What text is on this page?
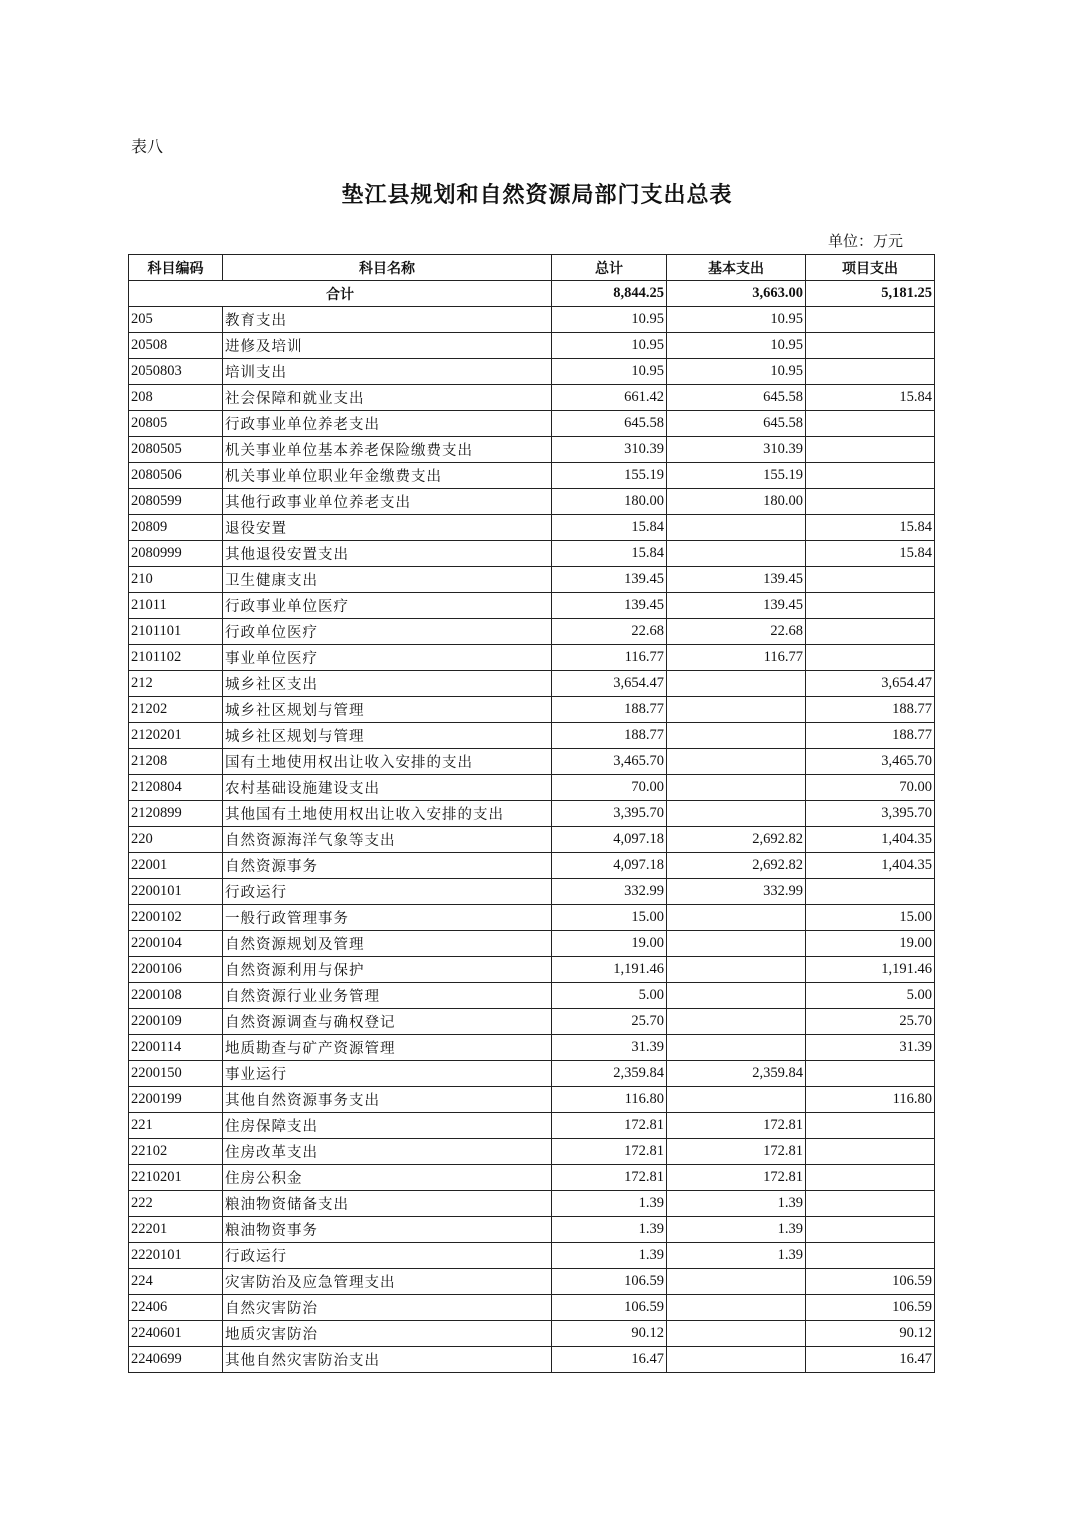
表八
垫江县规划和自然资源局部门支出总表
单位：万元
科目编码	科目名称	总计	基本支出	项目支出
合计		8,844.25	3,663.00	5,181.25
205	教育支出	10.95	10.95	
20508	进修及培训	10.95	10.95	
2050803	培训支出	10.95	10.95	
208	社会保障和就业支出	661.42	645.58	15.84
20805	行政事业单位养老支出	645.58	645.58	
2080505	机关事业单位基本养老保险缴费支出	310.39	310.39	
2080506	机关事业单位职业年金缴费支出	155.19	155.19	
2080599	其他行政事业单位养老支出	180.00	180.00	
20809	退役安置	15.84		15.84
2080999	其他退役安置支出	15.84		15.84
210	卫生健康支出	139.45	139.45	
21011	行政事业单位医疗	139.45	139.45	
2101101	行政单位医疗	22.68	22.68	
2101102	事业单位医疗	116.77	116.77	
212	城乡社区支出	3,654.47		3,654.47
21202	城乡社区规划与管理	188.77		188.77
2120201	城乡社区规划与管理	188.77		188.77
21208	国有土地使用权出让收入安排的支出	3,465.70		3,465.70
2120804	农村基础设施建设支出	70.00		70.00
2120899	其他国有土地使用权出让收入安排的支出	3,395.70		3,395.70
220	自然资源海洋气象等支出	4,097.18	2,692.82	1,404.35
22001	自然资源事务	4,097.18	2,692.82	1,404.35
2200101	行政运行	332.99	332.99	
2200102	一般行政管理事务	15.00		15.00
2200104	自然资源规划及管理	19.00		19.00
2200106	自然资源利用与保护	1,191.46		1,191.46
2200108	自然资源行业业务管理	5.00		5.00
2200109	自然资源调查与确权登记	25.70		25.70
2200114	地质勘查与矿产资源管理	31.39		31.39
2200150	事业运行	2,359.84	2,359.84	
2200199	其他自然资源事务支出	116.80		116.80
221	住房保障支出	172.81	172.81	
22102	住房改革支出	172.81	172.81	
2210201	住房公积金	172.81	172.81	
222	粮油物资储备支出	1.39	1.39	
22201	粮油物资事务	1.39	1.39	
2220101	行政运行	1.39	1.39	
224	灾害防治及应急管理支出	106.59		106.59
22406	自然灾害防治	106.59		106.59
2240601	地质灾害防治	90.12		90.12
2240699	其他自然灾害防治支出	16.47		16.47
